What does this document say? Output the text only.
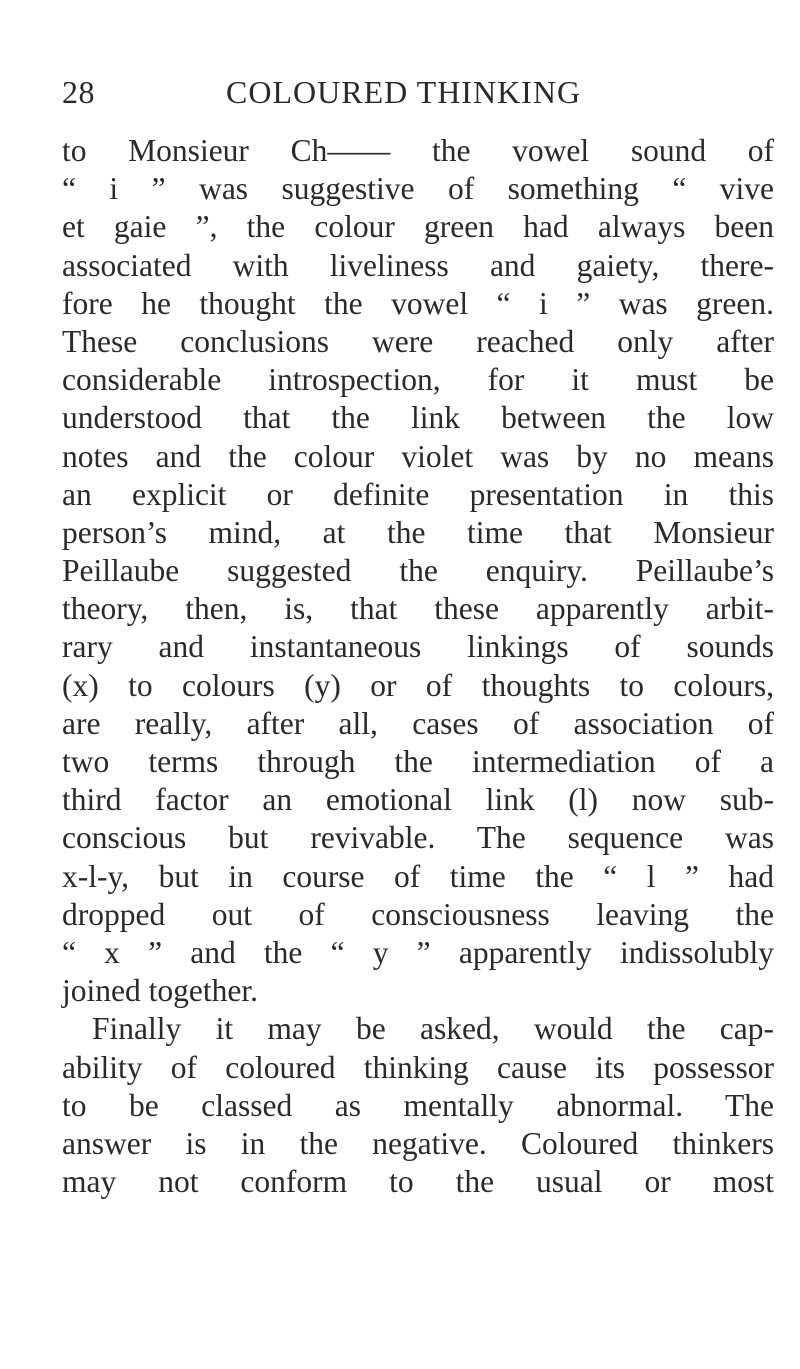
28	COLOURED THINKING
to Monsieur Ch—— the vowel sound of
“ i ” was suggestive of something “ vive
et gaie ”, the colour green had always been
associated with liveliness and gaiety, there-
fore he thought the vowel “ i ” was green.
These conclusions were reached only after
considerable introspection, for it must be
understood that the link between the low
notes and the colour violet was by no means
an explicit or definite presentation in this
person’s mind, at the time that Monsieur
Peillaube suggested the enquiry. Peillaube’s
theory, then, is, that these apparently arbit-
rary and instantaneous linkings of sounds
(x) to colours (y) or of thoughts to colours,
are really, after all, cases of association of
two terms through the intermediation of a
third factor an emotional link (l) now sub-
conscious but revivable. The sequence was
x-l-y, but in course of time the “ l ” had
dropped out of consciousness leaving the
“ x ” and the “ y ” apparently indissolubly
joined together.
Finally it may be asked, would the cap-
ability of coloured thinking cause its possessor
to be classed as mentally abnormal. The
answer is in the negative. Coloured thinkers
may not conform to the usual or most
